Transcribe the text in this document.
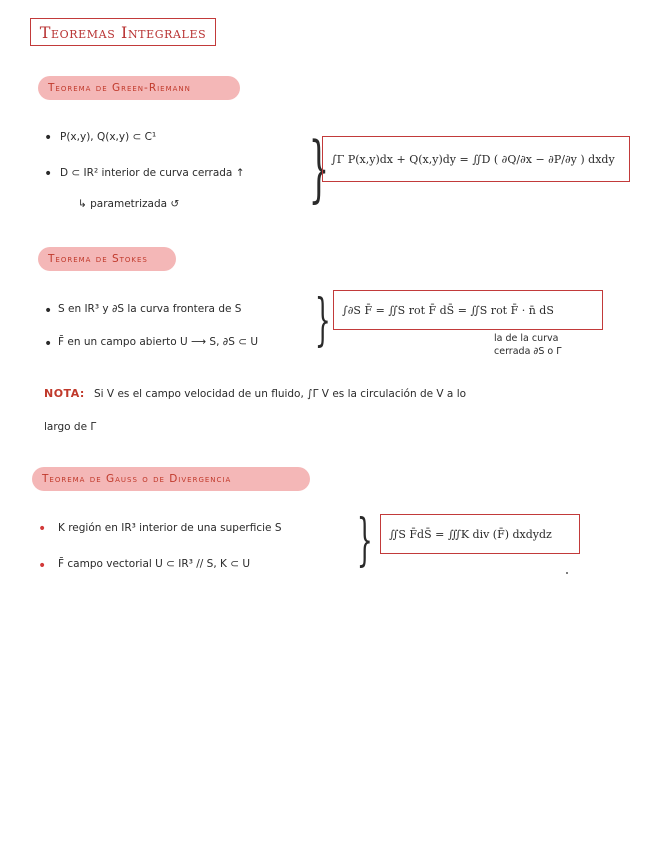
Teoremas Integrales
Teorema de Green-Riemann
• P(x,y), Q(x,y) ⊂ C¹
• D ⊂ IR² interior de curva cerrada ↑
↳ parametrizada ↺ } ∫Γ P(x,y)dx + Q(x,y)dy = ∬D ( ∂Q/∂x − ∂P/∂y ) dxdy
Teorema de Stokes
• S en IR³ y ∂S la curva frontera de S
• F̄ en un campo abierto U ⟶ S, ∂S ⊂ U } ∫∂S F̄ = ∬S rot F̄ dS̄ = ∬S rot F̄ · n̄ dS
la de la curva
cerrada ∂S o Γ
NOTA: Si V es el campo velocidad de un fluido, ∫Γ V es la circulación de V a lo
largo de Γ
Teorema de Gauss o de Divergencia
• K región en IR³ interior de una superficie S
• F̄ campo vectorial U ⊂ IR³ // S, K ⊂ U } ∬S F̄dS̄ = ∭K div (F̄) dxdydz
